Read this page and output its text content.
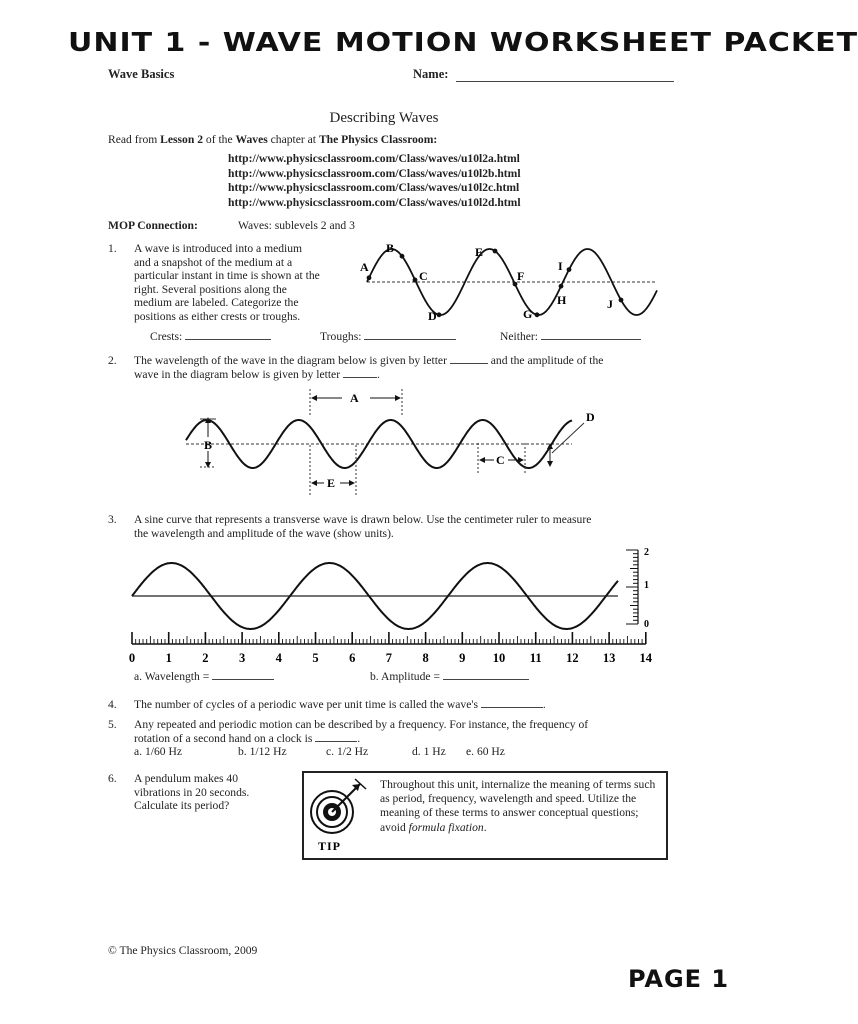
UNIT 1 - WAVE MOTION WORKSHEET PACKET
Wave Basics	Name:
Describing Waves
Read from Lesson 2 of the Waves chapter at The Physics Classroom:
http://www.physicsclassroom.com/Class/waves/u10l2a.html
http://www.physicsclassroom.com/Class/waves/u10l2b.html
http://www.physicsclassroom.com/Class/waves/u10l2c.html
http://www.physicsclassroom.com/Class/waves/u10l2d.html
MOP Connection:	Waves: sublevels 2 and 3
1. A wave is introduced into a medium
and a snapshot of the medium at a
particular instant in time is shown at the
right. Several positions along the
medium are labeled. Categorize the
positions as either crests or troughs.
A
B
C
D
E
F
G
H
I
J
Crests:	Troughs:	Neither:
2. The wavelength of the wave in the diagram below is given by letter	and the amplitude of the
wave in the diagram below is given by letter	.
A
B
C
D
E
3. A sine curve that represents a transverse wave is drawn below. Use the centimeter ruler to measure
the wavelength and amplitude of the wave (show units).
2
1
0
0 1 2 3 4 5 6 7 8 9 10 11 12 13 14
a. Wavelength =	b. Amplitude =
4. The number of cycles of a periodic wave per unit time is called the wave's	.
5. Any repeated and periodic motion can be described by a frequency. For instance, the frequency of
rotation of a second hand on a clock is	.
a. 1/60 Hz	b. 1/12 Hz	c. 1/2 Hz	d. 1 Hz e. 60 Hz
6. A pendulum makes 40
vibrations in 20 seconds.
Calculate its period?
TIP
Throughout this unit, internalize the meaning of terms such as period, frequency, wavelength and speed. Utilize the meaning of these terms to answer conceptual questions; avoid formula fixation.
© The Physics Classroom, 2009
PAGE 1
